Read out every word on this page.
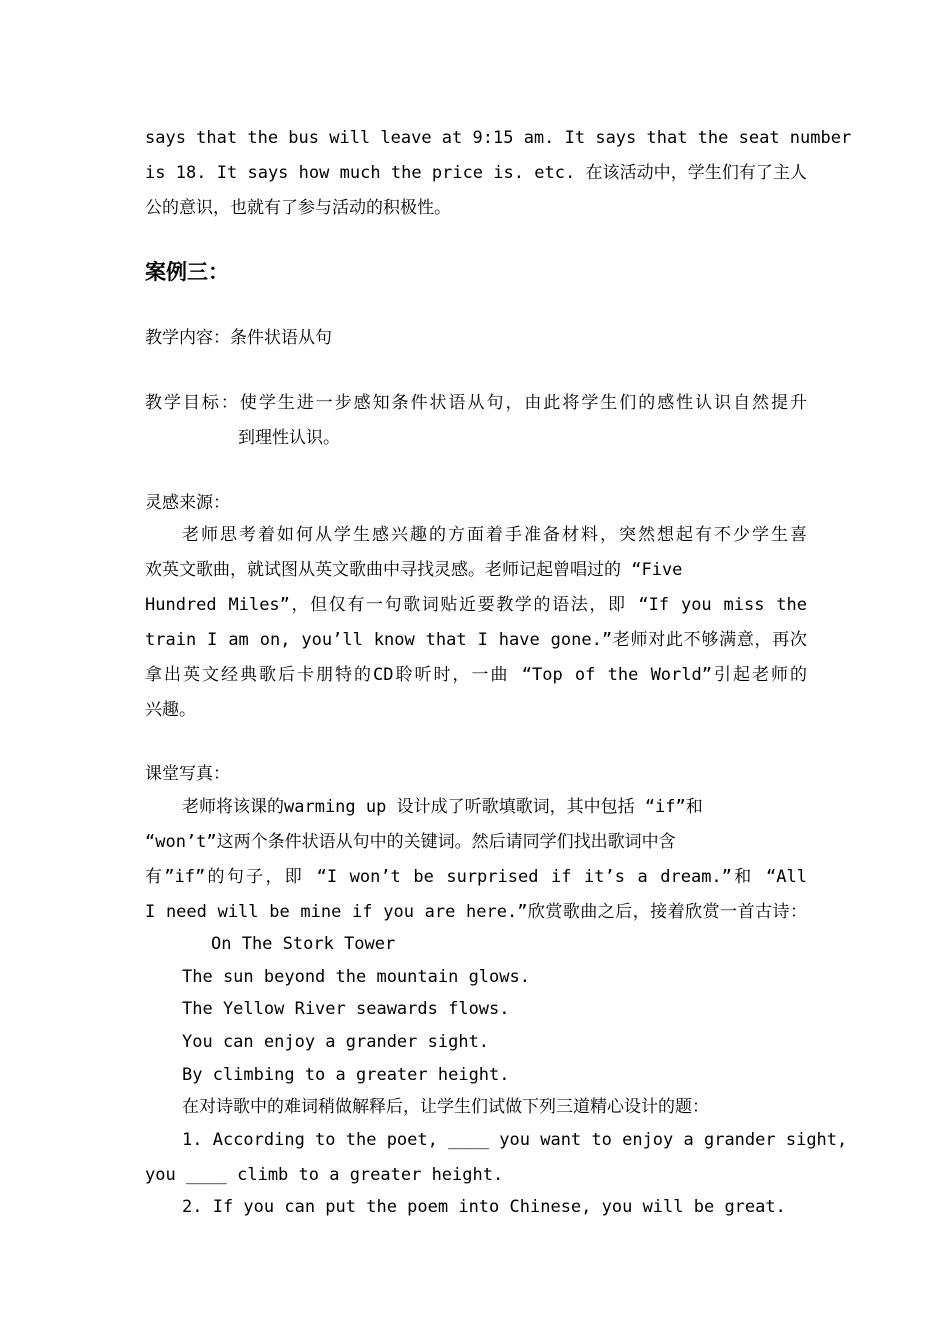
says that the bus will leave at 9:15 am. It says that the seat number
is 18. It says how much the price is. etc. 在该活动中，学生们有了主人
公的意识，也就有了参与活动的积极性。
案例三：
教学内容：条件状语从句
教学目标：使学生进一步感知条件状语从句，由此将学生们的感性认识自然提升
到理性认识。
灵感来源：
老师思考着如何从学生感兴趣的方面着手准备材料，突然想起有不少学生喜
欢英文歌曲，就试图从英文歌曲中寻找灵感。老师记起曾唱过的 “Five
Hundred Miles”，但仅有一句歌词贴近要教学的语法，即 “If you miss the
train I am on, you’ll know that I have gone.”老师对此不够满意，再次
拿出英文经典歌后卡朋特的CD聆听时，一曲 “Top of the World”引起老师的
兴趣。
课堂写真：
老师将该课的warming up 设计成了听歌填歌词，其中包括 “if”和
“won’t”这两个条件状语从句中的关键词。然后请同学们找出歌词中含
有”if”的句子，即 “I won’t be surprised if it’s a dream.”和 “All
I need will be mine if you are here.”欣赏歌曲之后，接着欣赏一首古诗：
On The Stork Tower
The sun beyond the mountain glows.
The Yellow River seawards flows.
You can enjoy a grander sight.
By climbing to a greater height.
在对诗歌中的难词稍做解释后，让学生们试做下列三道精心设计的题：
1. According to the poet, ____ you want to enjoy a grander sight,
you ____ climb to a greater height.
2. If you can put the poem into Chinese, you will be great.
